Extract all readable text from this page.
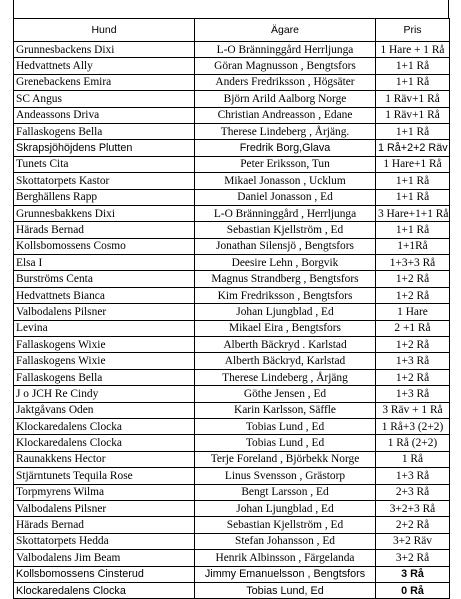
Hund	Ägare	Pris
Grunnesbackens Dixi	L-O Bränninggård Herrljunga	1 Hare + 1 Rå
Hedvattnets Ally	Göran Magnusson , Bengtsfors	1+1 Rå
Grenebackens Emira	Anders Fredriksson , Högsäter	1+1 Rå
SC Angus	Björn Arild Aalborg Norge	1 Räv+1 Rå
Andeassons Driva	Christian Andreasson , Edane	1 Räv+1 Rå
Fallaskogens Bella	Therese Lindeberg , Årjäng.	1+1 Rå
Skrapsjöhöjdens Plutten	Fredrik Borg,Glava	1 Rå+2+2 Räv
Tunets Cita	Peter Eriksson, Tun	1 Hare+1 Rå
Skottatorpets Kastor	Mikael Jonasson , Ucklum	1+1 Rå
Berghällens Rapp	Daniel Jonasson , Ed	1+1 Rå
Grunnesbakkens Dixi	L-O Bränninggård , Herrljunga	3 Hare+1+1 Rå
Härads Bernad	Sebastian Kjellström , Ed	1+1 Rå
Kollsbomossens Cosmo	Jonathan Silensjö , Bengtsfors	1+1Rå
Elsa I	Deesire Lehn , Borgvik	1+3+3 Rå
Burströms Centa	Magnus Strandberg , Bengtsfors	1+2 Rå
Hedvattnets Bianca	Kim Fredriksson , Bengtsfors	1+2 Rå
Valbodalens Pilsner	Johan Ljungblad , Ed	1 Hare
Levina	Mikael Eira , Bengtsfors	2 +1 Rå
Fallaskogens Wixie	Alberth Bäckryd . Karlstad	1+2 Rå
Fallaskogens Wixie	Alberth Bäckryd, Karlstad	1+3 Rå
Fallaskogens Bella	Therese Lindeberg , Årjäng	1+2 Rå
J o JCH Re Cindy	Göthe Jensen , Ed	1+3 Rå
Jaktgåvans Oden	Karin Karlsson, Säffle	3 Räv + 1 Rå
Klockaredalens Clocka	Tobias Lund , Ed	1 Rå+3 (2+2)
Klockaredalens Clocka	Tobias Lund , Ed	1 Rå (2+2)
Raunakkens Hector	Terje Foreland , Björbekk Norge	1 Rå
Stjärntunets Tequila Rose	Linus Svensson , Grästorp	1+3 Rå
Torpmyrens Wilma	Bengt Larsson , Ed	2+3 Rå
Valbodalens Pilsner	Johan Ljungblad , Ed	3+2+3 Rå
Härads Bernad	Sebastian Kjellström , Ed	2+2 Rå
Skottatorpets Hedda	Stefan Johansson , Ed	3+2 Räv
Valbodalens Jim Beam	Henrik Albinsson , Färgelanda	3+2 Rå
Kollsbomossens Cinsterud	Jimmy Emanuelsson , Bengtsfors	3 Rå
Klockaredalens Clocka	Tobias Lund, Ed	0 Rå
